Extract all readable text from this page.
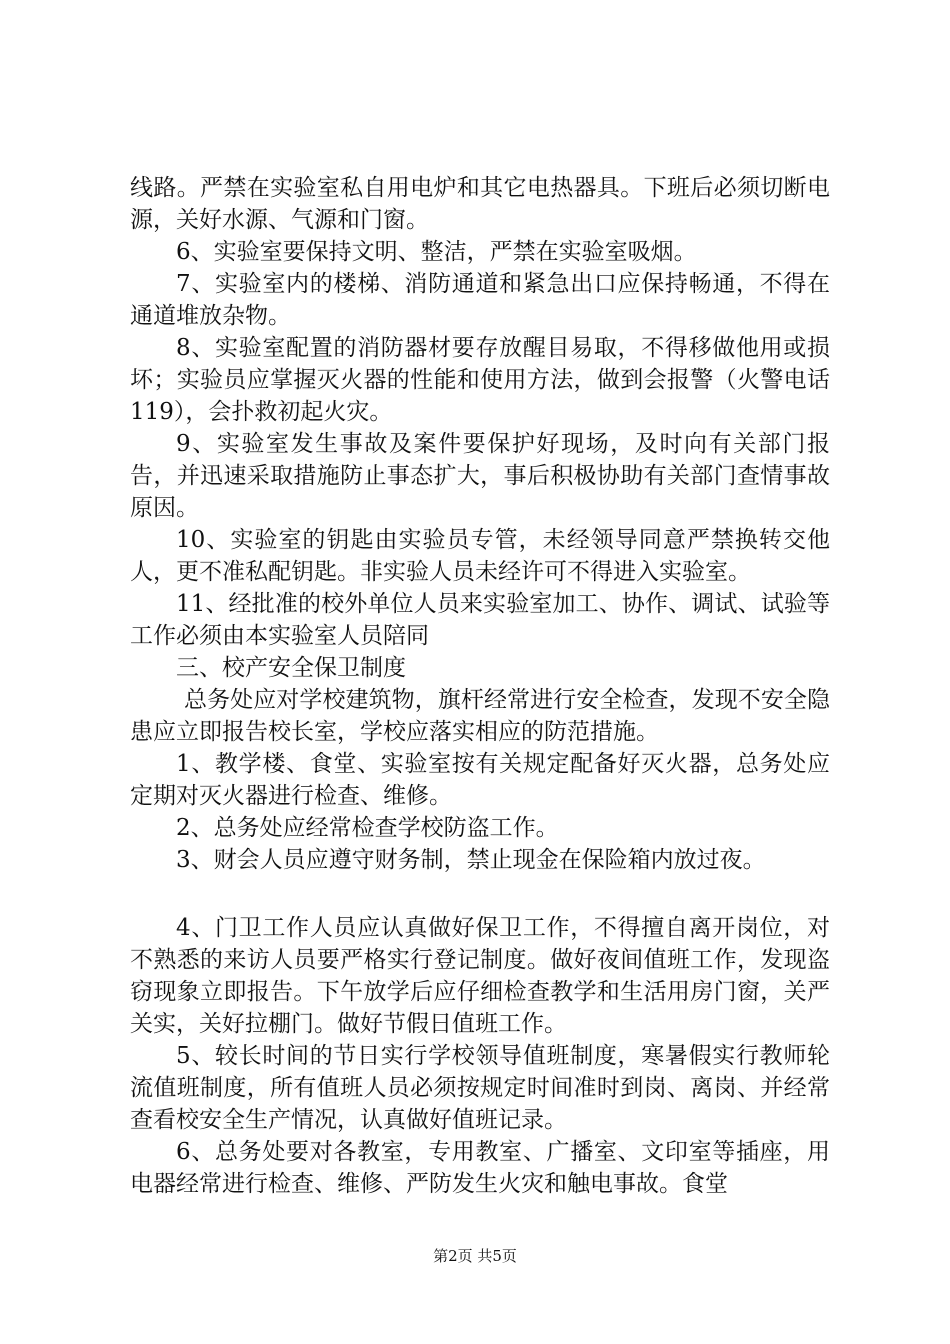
线路。严禁在实验室私自用电炉和其它电热器具。下班后必须切断电源，关好水源、气源和门窗。

6、实验室要保持文明、整洁，严禁在实验室吸烟。

7、实验室内的楼梯、消防通道和紧急出口应保持畅通，不得在通道堆放杂物。

8、实验室配置的消防器材要存放醒目易取，不得移做他用或损坏；实验员应掌握灭火器的性能和使用方法，做到会报警（火警电话119），会扑救初起火灾。

9、实验室发生事故及案件要保护好现场，及时向有关部门报告，并迅速采取措施防止事态扩大，事后积极协助有关部门查情事故原因。

10、实验室的钥匙由实验员专管，未经领导同意严禁换转交他人，更不准私配钥匙。非实验人员未经许可不得进入实验室。

11、经批准的校外单位人员来实验室加工、协作、调试、试验等工作必须由本实验室人员陪同

三、校产安全保卫制度

总务处应对学校建筑物，旗杆经常进行安全检查，发现不安全隐患应立即报告校长室，学校应落实相应的防范措施。

1、教学楼、食堂、实验室按有关规定配备好灭火器，总务处应定期对灭火器进行检查、维修。

2、总务处应经常检查学校防盗工作。

3、财会人员应遵守财务制，禁止现金在保险箱内放过夜。

4、门卫工作人员应认真做好保卫工作，不得擅自离开岗位，对不熟悉的来访人员要严格实行登记制度。做好夜间值班工作，发现盗窃现象立即报告。下午放学后应仔细检查教学和生活用房门窗，关严关实，关好拉棚门。做好节假日值班工作。

5、较长时间的节日实行学校领导值班制度，寒暑假实行教师轮流值班制度，所有值班人员必须按规定时间准时到岗、离岗、并经常查看校安全生产情况，认真做好值班记录。

6、总务处要对各教室，专用教室、广播室、文印室等插座，用电器经常进行检查、维修、严防发生火灾和触电事故。食堂

第2页 共5页
